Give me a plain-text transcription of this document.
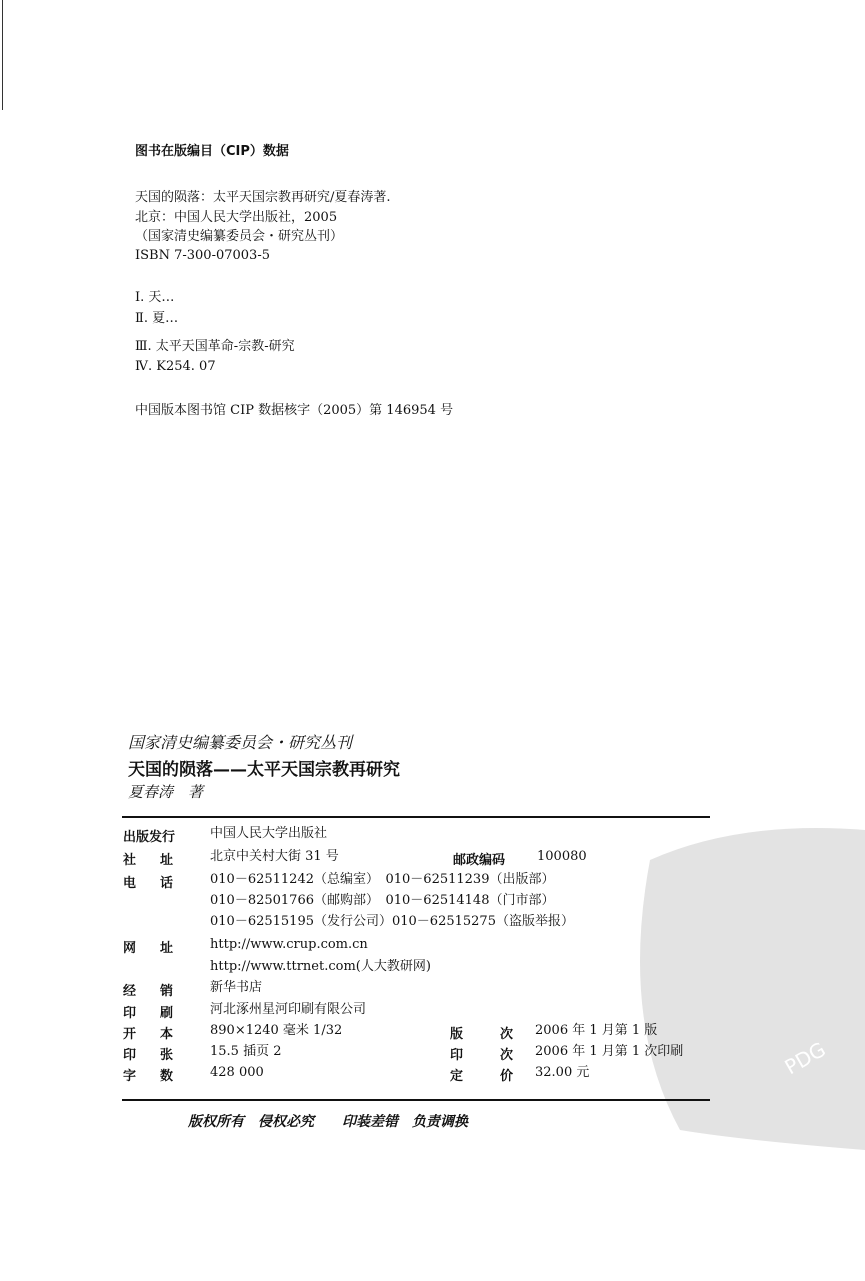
PDG
图书在版编目（CIP）数据
天国的陨落：太平天国宗教再研究/夏春涛著.
北京：中国人民大学出版社，2005
（国家清史编纂委员会・研究丛刊）
ISBN 7-300-07003-5
Ⅰ. 天…
Ⅱ. 夏…
Ⅲ. 太平天国革命-宗教-研究
Ⅳ. K254. 07
中国版本图书馆 CIP 数据核字（2005）第 146954 号
国家清史编纂委员会・研究丛刊
天国的陨落——太平天国宗教再研究
夏春涛　著
出版发行	中国人民大学出版社
社 址	北京中关村大街 31 号	邮政编码 100080
电 话	010－62511242（总编室）　010－62511239（出版部）
010－82501766（邮购部）　010－62514148（门市部）
010－62515195（发行公司）010－62515275（盗版举报）
网 址	http://www.crup.com.cn
http://www.ttrnet.com(人大教研网)
经 销	新华书店
印 刷	河北涿州星河印刷有限公司
开 本	890×1240 毫米 1/32	版	次 2006 年 1 月第 1 版
印 张	15.5 插页 2	印	次 2006 年 1 月第 1 次印刷
字 数	428 000	定	价 32.00 元
版权所有　侵权必究　　印装差错　负责调换
